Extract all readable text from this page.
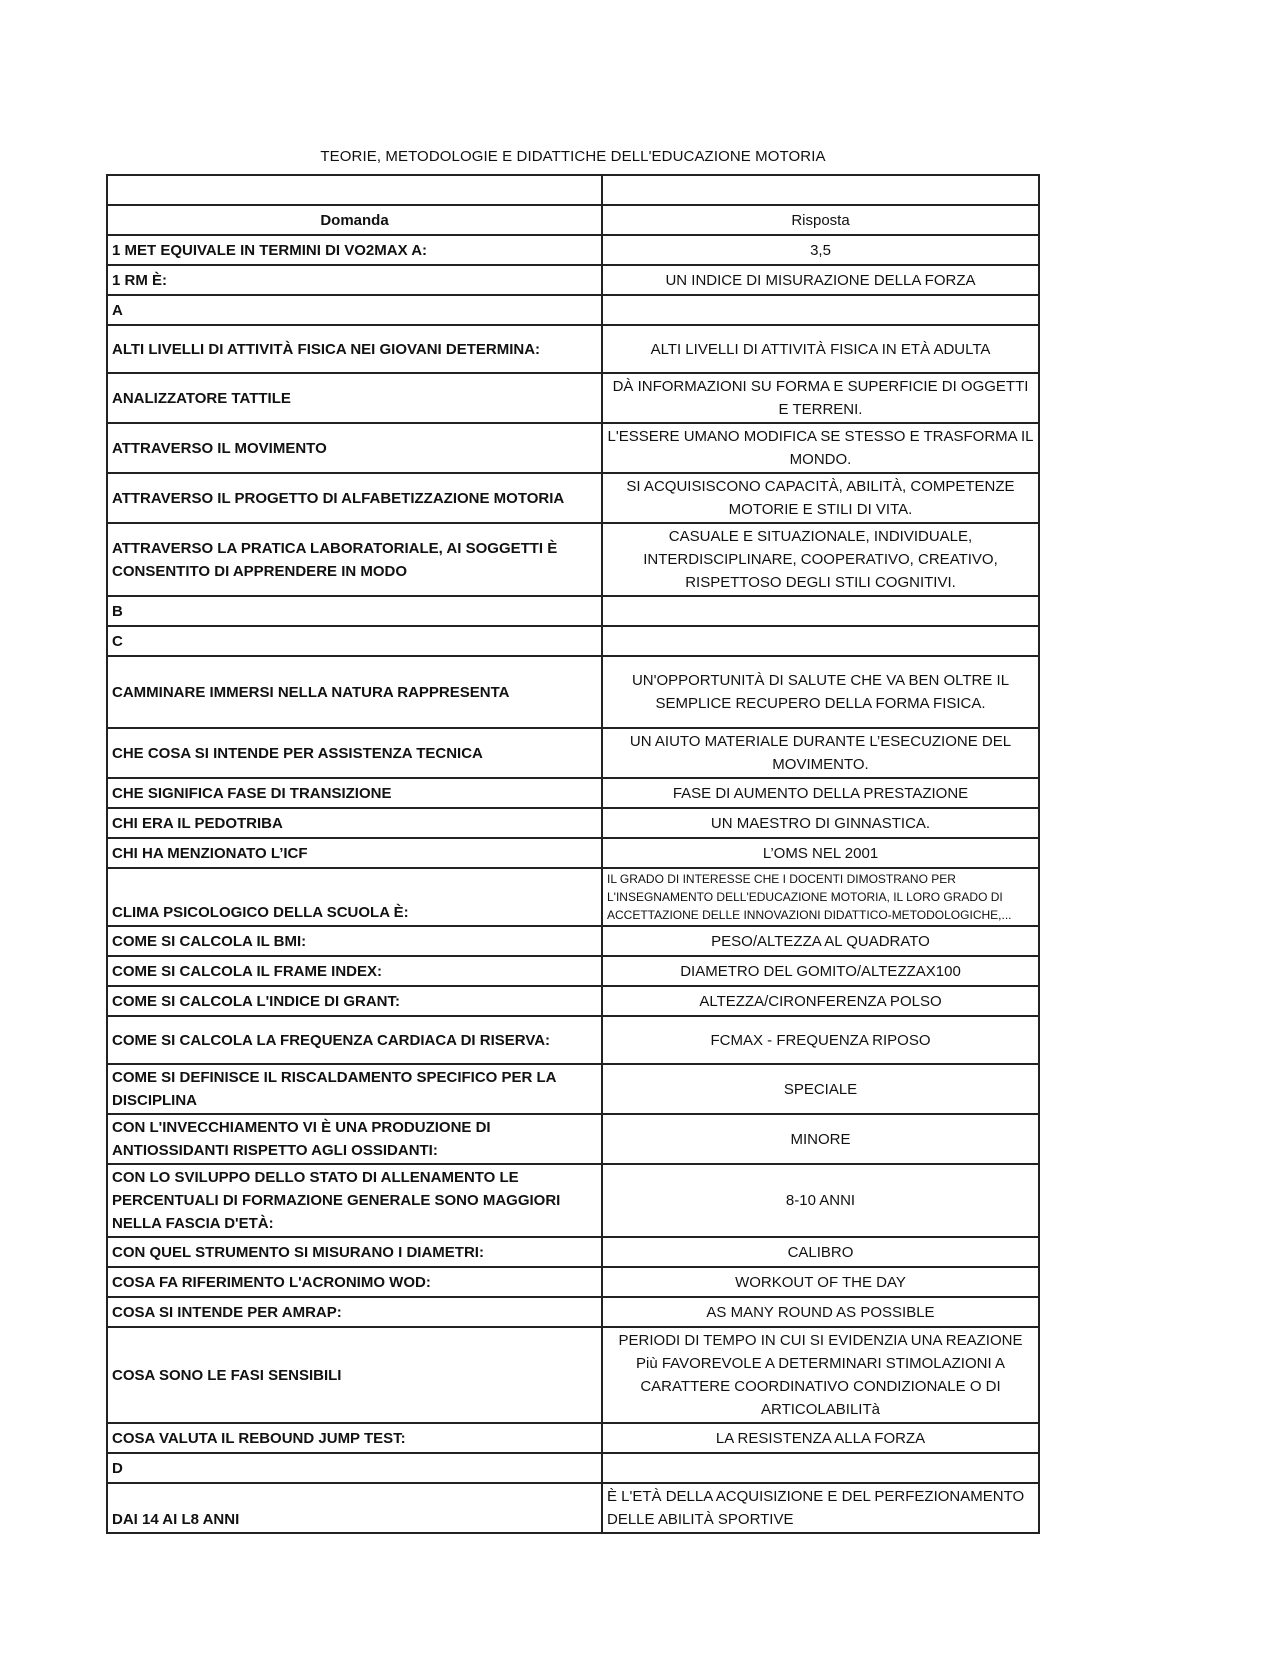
TEORIE, METODOLOGIE E DIDATTICHE DELL'EDUCAZIONE MOTORIA

Domanda	Risposta
1 MET EQUIVALE IN TERMINI DI VO2MAX A:	3,5
1 RM È:	UN INDICE DI MISURAZIONE DELLA FORZA
A	
ALTI LIVELLI DI ATTIVITÀ FISICA NEI GIOVANI DETERMINA:	ALTI LIVELLI DI ATTIVITÀ FISICA IN ETÀ ADULTA
ANALIZZATORE TATTILE	DÀ INFORMAZIONI SU FORMA E SUPERFICIE DI OGGETTI E TERRENI.
ATTRAVERSO IL MOVIMENTO	L'ESSERE UMANO MODIFICA SE STESSO E TRASFORMA IL MONDO.
ATTRAVERSO IL PROGETTO DI ALFABETIZZAZIONE MOTORIA	SI ACQUISISCONO CAPACITÀ, ABILITÀ, COMPETENZE MOTORIE E STILI DI VITA.
ATTRAVERSO LA PRATICA LABORATORIALE, AI SOGGETTI È CONSENTITO DI APPRENDERE IN MODO	CASUALE E SITUAZIONALE, INDIVIDUALE, INTERDISCIPLINARE, COOPERATIVO, CREATIVO, RISPETTOSO DEGLI STILI COGNITIVI.
B	
C	
CAMMINARE IMMERSI NELLA NATURA RAPPRESENTA	UN'OPPORTUNITÀ DI SALUTE CHE VA BEN OLTRE IL SEMPLICE RECUPERO DELLA FORMA FISICA.
CHE COSA SI INTENDE PER ASSISTENZA TECNICA	UN AIUTO MATERIALE DURANTE L’ESECUZIONE DEL MOVIMENTO.
CHE SIGNIFICA FASE DI TRANSIZIONE	FASE DI AUMENTO DELLA PRESTAZIONE
CHI ERA IL PEDOTRIBA	UN MAESTRO DI GINNASTICA.
CHI HA MENZIONATO L’ICF	L’OMS NEL 2001
CLIMA PSICOLOGICO DELLA SCUOLA È:	IL GRADO DI INTERESSE CHE I DOCENTI DIMOSTRANO PER L'INSEGNAMENTO DELL'EDUCAZIONE MOTORIA, IL LORO GRADO DI ACCETTAZIONE DELLE INNOVAZIONI DIDATTICO-METODOLOGICHE,...
COME SI CALCOLA IL BMI:	PESO/ALTEZZA AL QUADRATO
COME SI CALCOLA IL FRAME INDEX:	DIAMETRO DEL GOMITO/ALTEZZAX100
COME SI CALCOLA L'INDICE DI GRANT:	ALTEZZA/CIRONFERENZA POLSO
COME SI CALCOLA LA FREQUENZA CARDIACA DI RISERVA:	FCMAX - FREQUENZA RIPOSO
COME SI DEFINISCE IL RISCALDAMENTO SPECIFICO PER LA DISCIPLINA	SPECIALE
CON L'INVECCHIAMENTO VI È UNA PRODUZIONE DI ANTIOSSIDANTI RISPETTO AGLI OSSIDANTI:	MINORE
CON LO SVILUPPO DELLO STATO DI ALLENAMENTO LE PERCENTUALI DI FORMAZIONE GENERALE SONO MAGGIORI NELLA FASCIA D'ETÀ:	8-10 ANNI
CON QUEL STRUMENTO SI MISURANO I DIAMETRI:	CALIBRO
COSA FA RIFERIMENTO L'ACRONIMO WOD:	WORKOUT OF THE DAY
COSA SI INTENDE PER AMRAP:	AS MANY ROUND AS POSSIBLE
COSA SONO LE FASI SENSIBILI	PERIODI DI TEMPO IN CUI SI EVIDENZIA UNA REAZIONE Più FAVOREVOLE A DETERMINARI STIMOLAZIONI A CARATTERE COORDINATIVO CONDIZIONALE O DI ARTICOLABILITà
COSA VALUTA IL REBOUND JUMP TEST:	LA RESISTENZA ALLA FORZA
D	
DAI 14 AI L8 ANNI	È L'ETÀ DELLA ACQUISIZIONE E DEL PERFEZIONAMENTO DELLE ABILITÀ SPORTIVE
